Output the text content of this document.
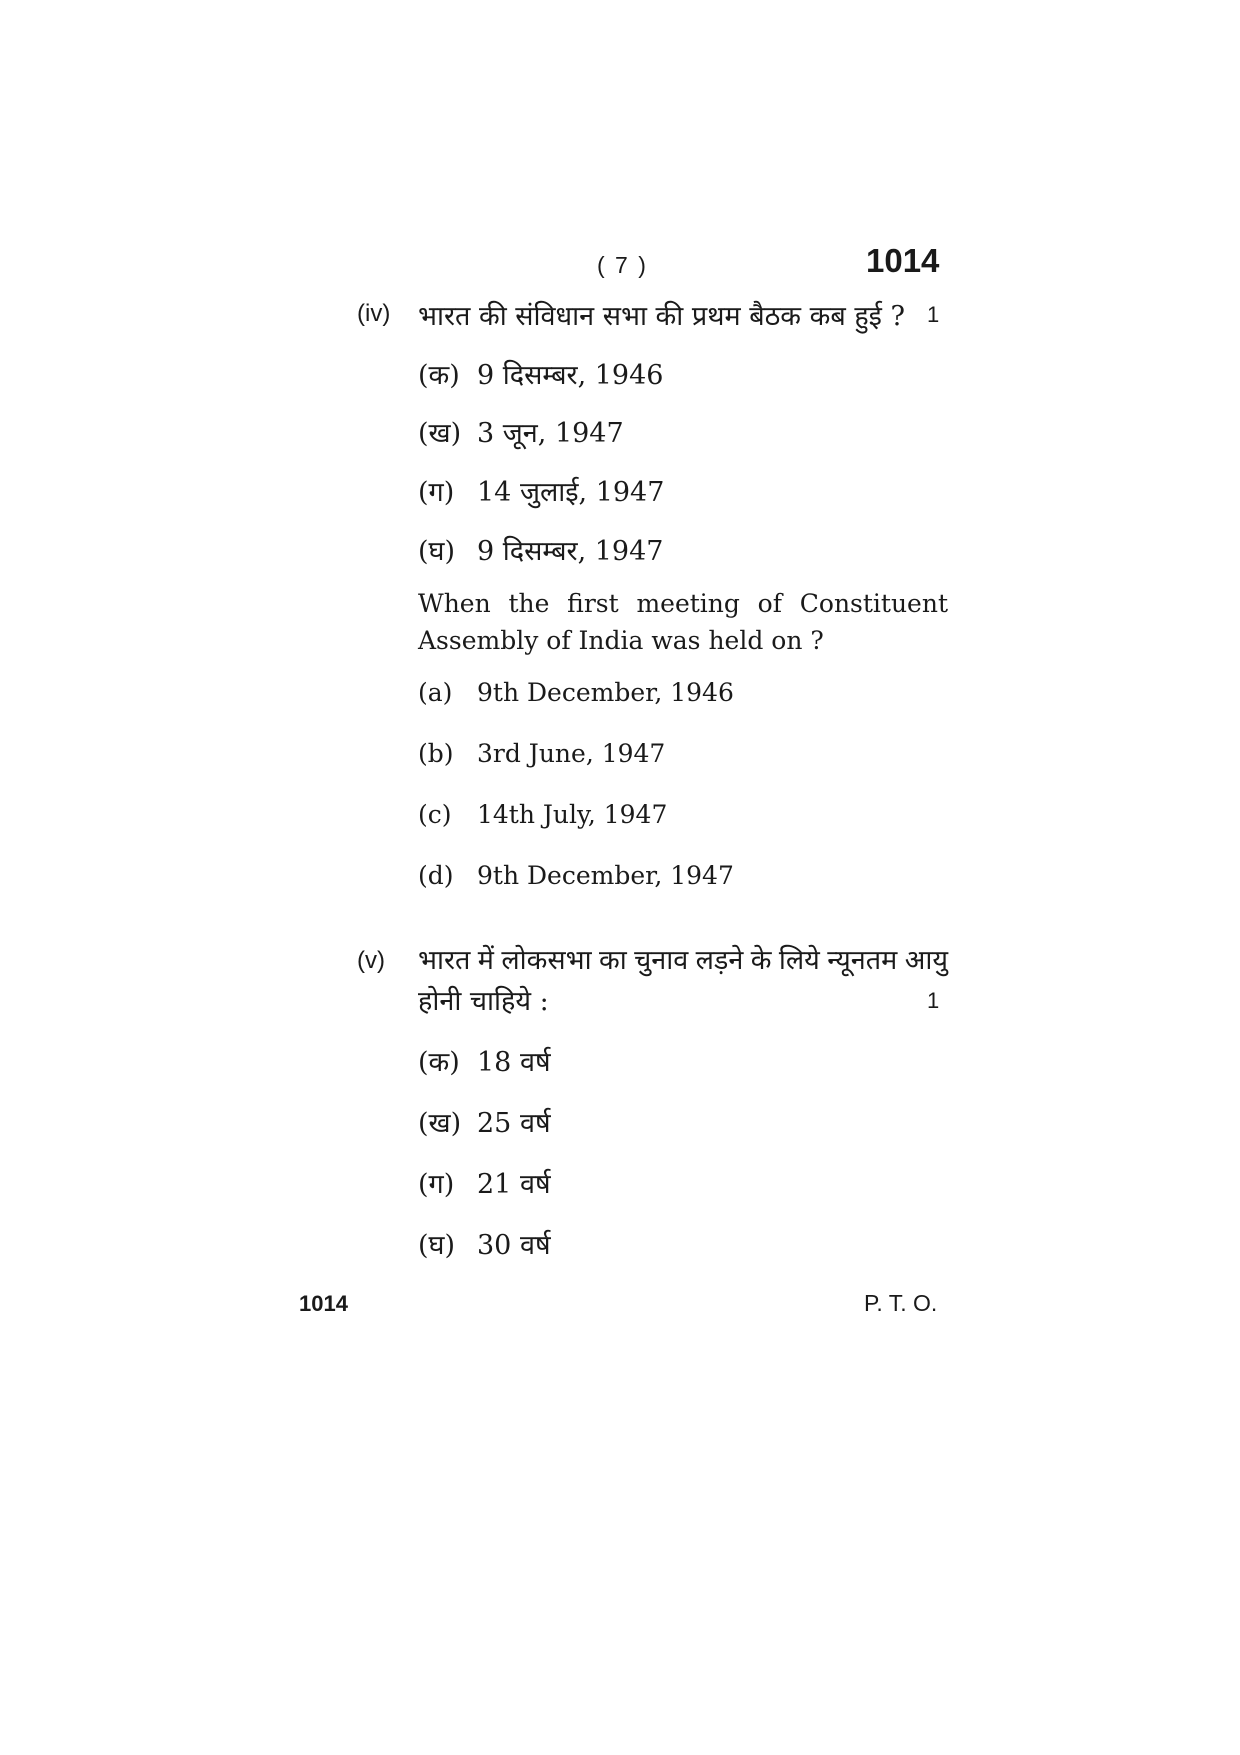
( 7 )	1014
(iv) भारत की संविधान सभा की प्रथम बैठक कब हुई ? 1
(क) 9 दिसम्बर, 1946
(ख) 3 जून, 1947
(ग) 14 जुलाई, 1947
(घ) 9 दिसम्बर, 1947
When the first meeting of Constituent Assembly of India was held on ?
(a) 9th December, 1946
(b) 3rd June, 1947
(c) 14th July, 1947
(d) 9th December, 1947
(v) भारत में लोकसभा का चुनाव लड़ने के लिये न्यूनतम आयु
होनी चाहिये :	1
(क) 18 वर्ष
(ख) 25 वर्ष
(ग) 21 वर्ष
(घ) 30 वर्ष
1014	P. T. O.
